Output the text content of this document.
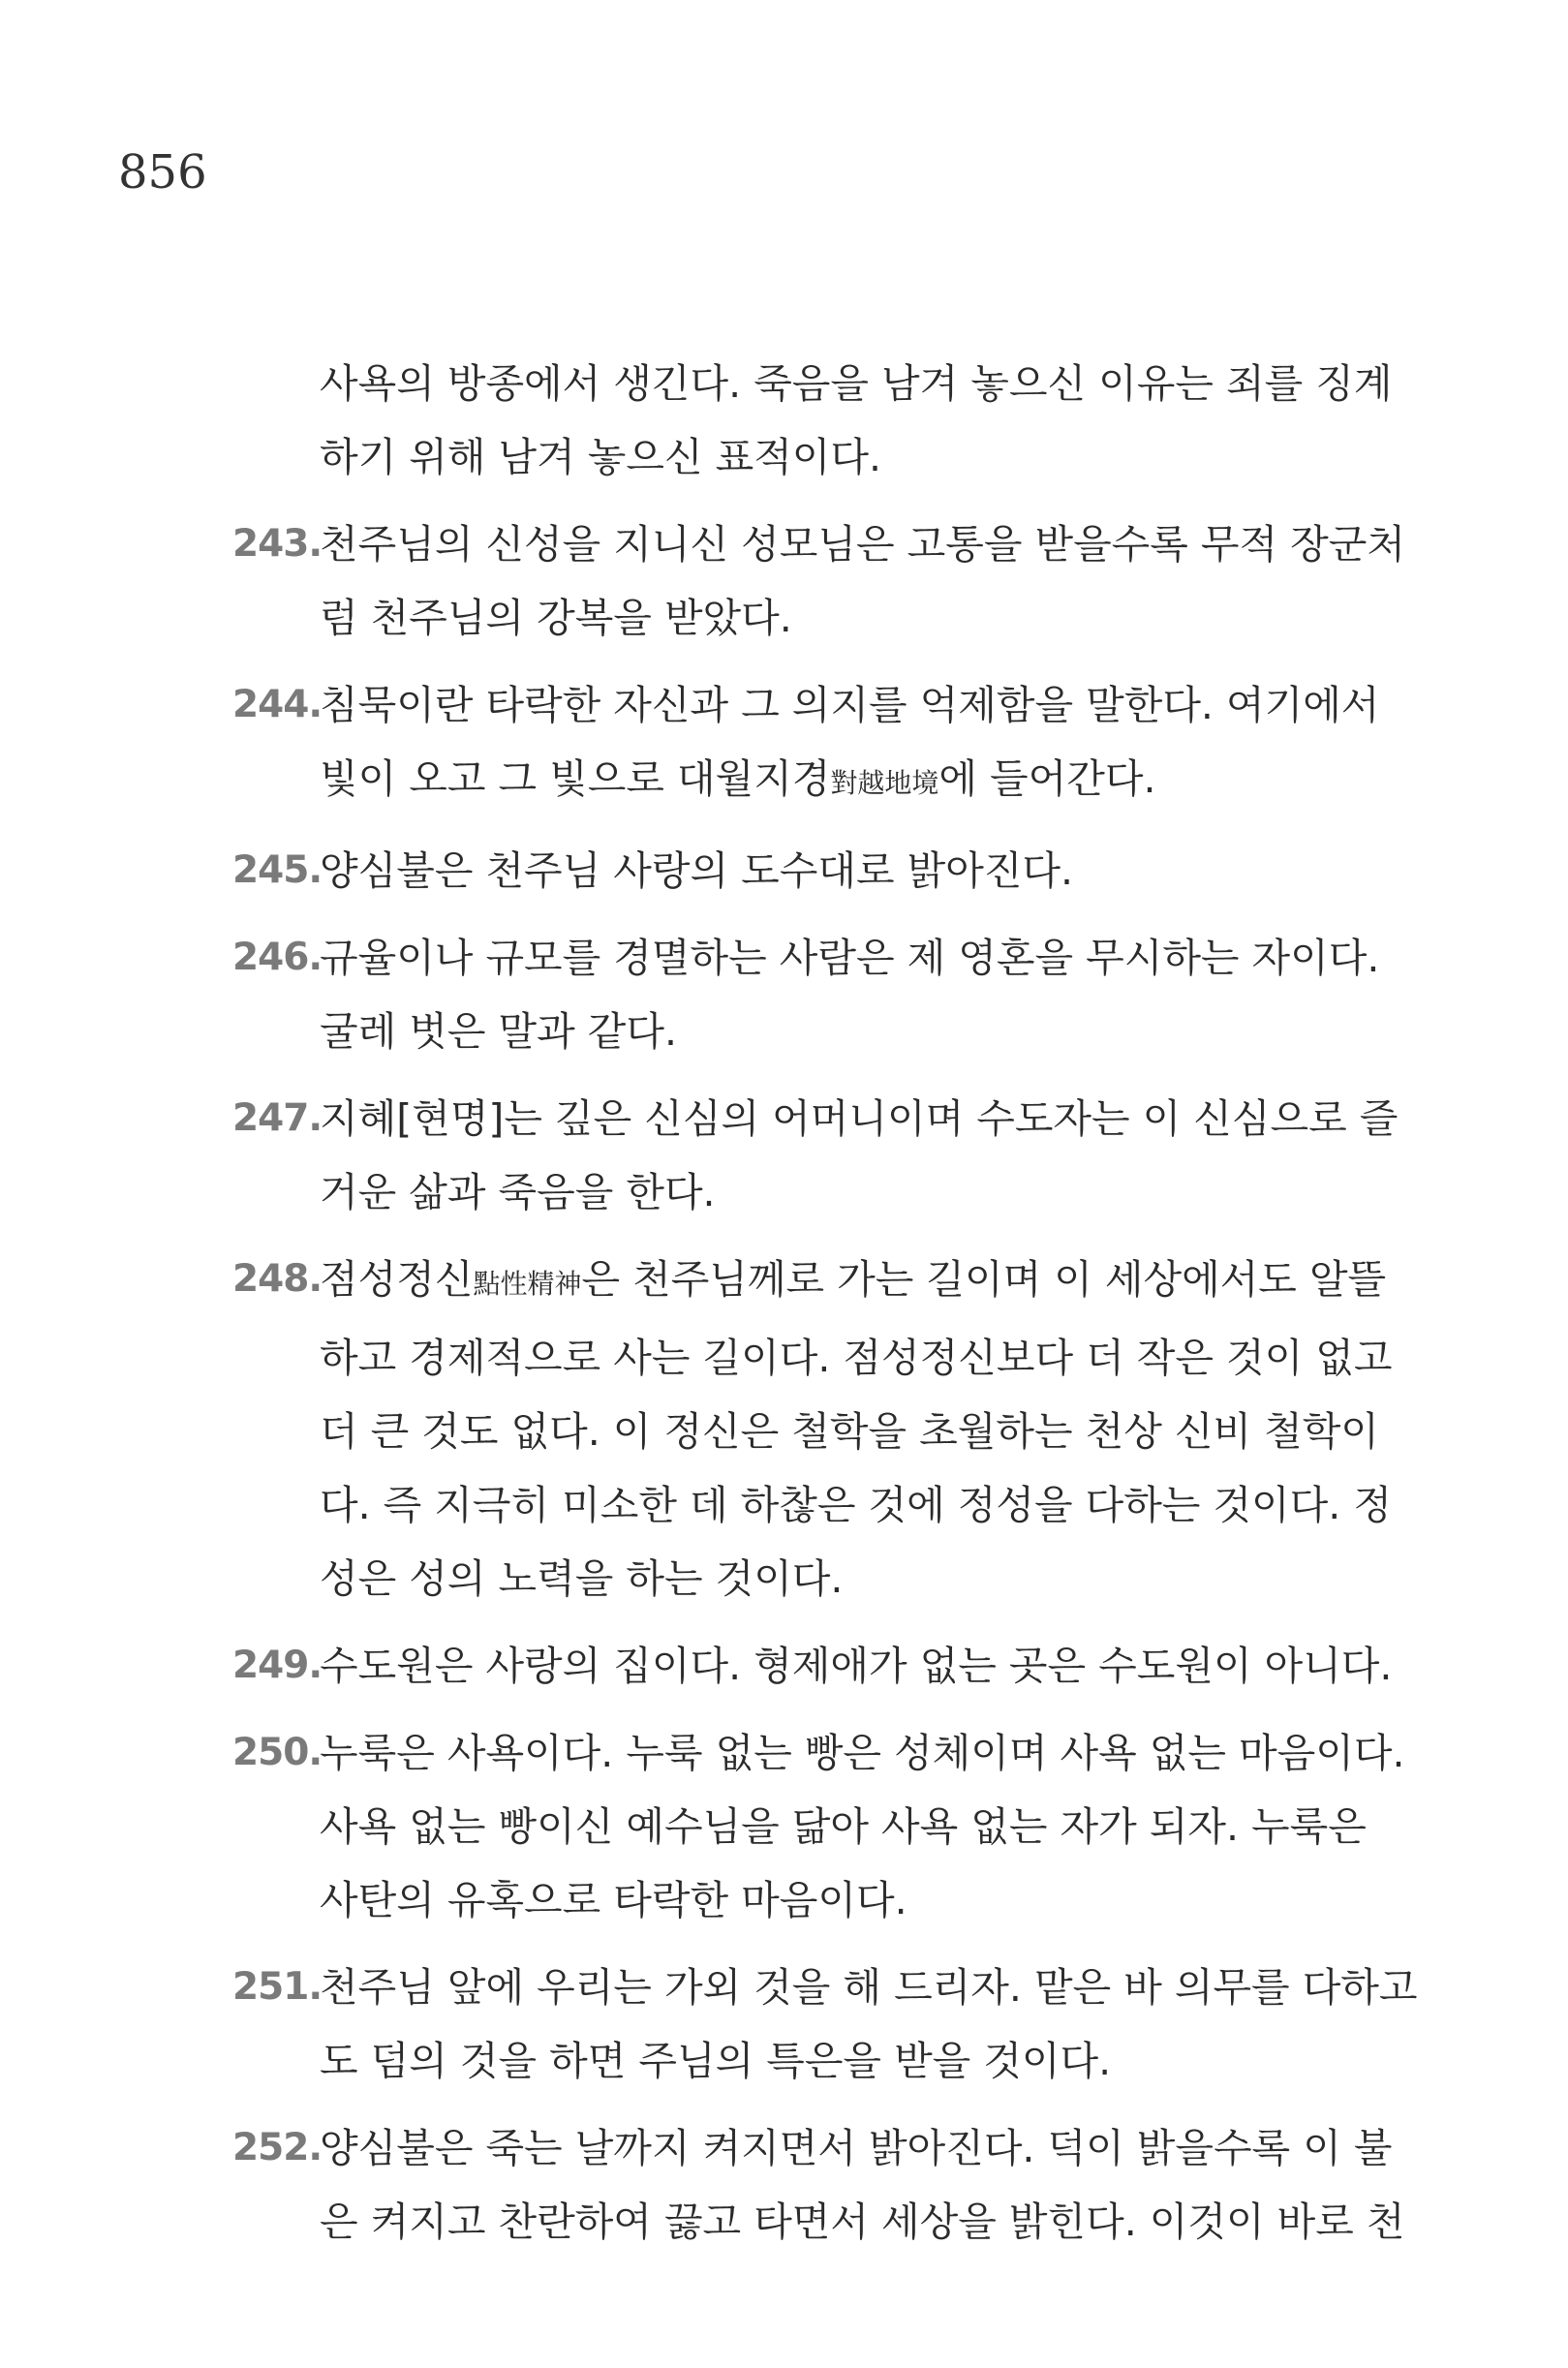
856
사욕의 방종에서 생긴다. 죽음을 남겨 놓으신 이유는 죄를 징계
하기 위해 남겨 놓으신 표적이다.
243.
천주님의 신성을 지니신 성모님은 고통을 받을수록 무적 장군처
럼 천주님의 강복을 받았다.
244.
침묵이란 타락한 자신과 그 의지를 억제함을 말한다. 여기에서
빛이 오고 그 빛으로 대월지경對越地境에 들어간다.
245.
양심불은 천주님 사랑의 도수대로 밝아진다.
246.
규율이나 규모를 경멸하는 사람은 제 영혼을 무시하는 자이다.
굴레 벗은 말과 같다.
247.
지혜[현명]는 깊은 신심의 어머니이며 수도자는 이 신심으로 즐
거운 삶과 죽음을 한다.
248.
점성정신點性精神은 천주님께로 가는 길이며 이 세상에서도 알뜰
하고 경제적으로 사는 길이다. 점성정신보다 더 작은 것이 없고
더 큰 것도 없다. 이 정신은 철학을 초월하는 천상 신비 철학이
다. 즉 지극히 미소한 데 하찮은 것에 정성을 다하는 것이다. 정
성은 성의 노력을 하는 것이다.
249.
수도원은 사랑의 집이다. 형제애가 없는 곳은 수도원이 아니다.
250.
누룩은 사욕이다. 누룩 없는 빵은 성체이며 사욕 없는 마음이다.
사욕 없는 빵이신 예수님을 닮아 사욕 없는 자가 되자. 누룩은
사탄의 유혹으로 타락한 마음이다.
251.
천주님 앞에 우리는 가외 것을 해 드리자. 맡은 바 의무를 다하고
도 덤의 것을 하면 주님의 특은을 받을 것이다.
252.
양심불은 죽는 날까지 켜지면서 밝아진다. 덕이 밝을수록 이 불
은 켜지고 찬란하여 끓고 타면서 세상을 밝힌다. 이것이 바로 천
